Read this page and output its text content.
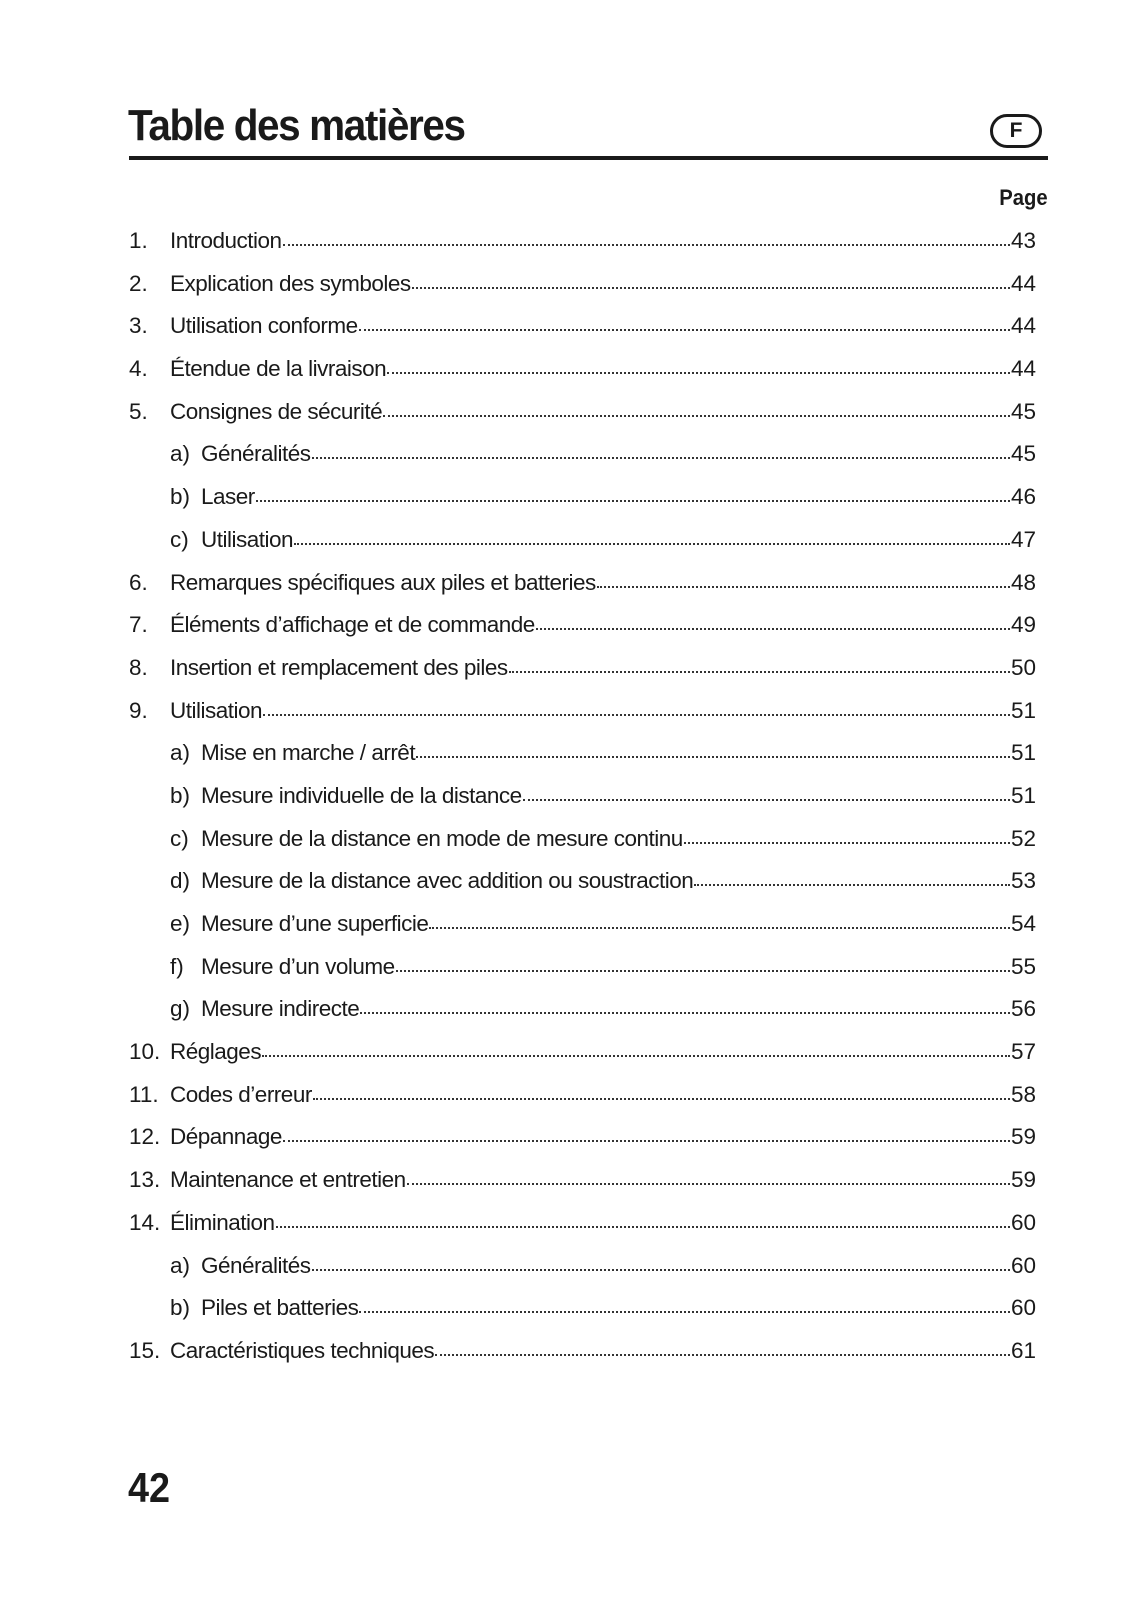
Table des matières	F
Page
1. Introduction	43
2. Explication des symboles	44
3. Utilisation conforme	44
4. Étendue de la livraison	44
5. Consignes de sécurité	45
a) Généralités	45
b) Laser	46
c) Utilisation	47
6. Remarques spécifiques aux piles et batteries	48
7. Éléments d’affichage et de commande	49
8. Insertion et remplacement des piles	50
9. Utilisation	51
a) Mise en marche / arrêt	51
b) Mesure individuelle de la distance	51
c) Mesure de la distance en mode de mesure continu	52
d) Mesure de la distance avec addition ou soustraction	53
e) Mesure d’une superficie	54
f) Mesure d’un volume	55
g) Mesure indirecte	56
10. Réglages	57
11. Codes d’erreur	58
12. Dépannage	59
13. Maintenance et entretien	59
14. Élimination	60
a) Généralités	60
b) Piles et batteries	60
15. Caractéristiques techniques	61
42
